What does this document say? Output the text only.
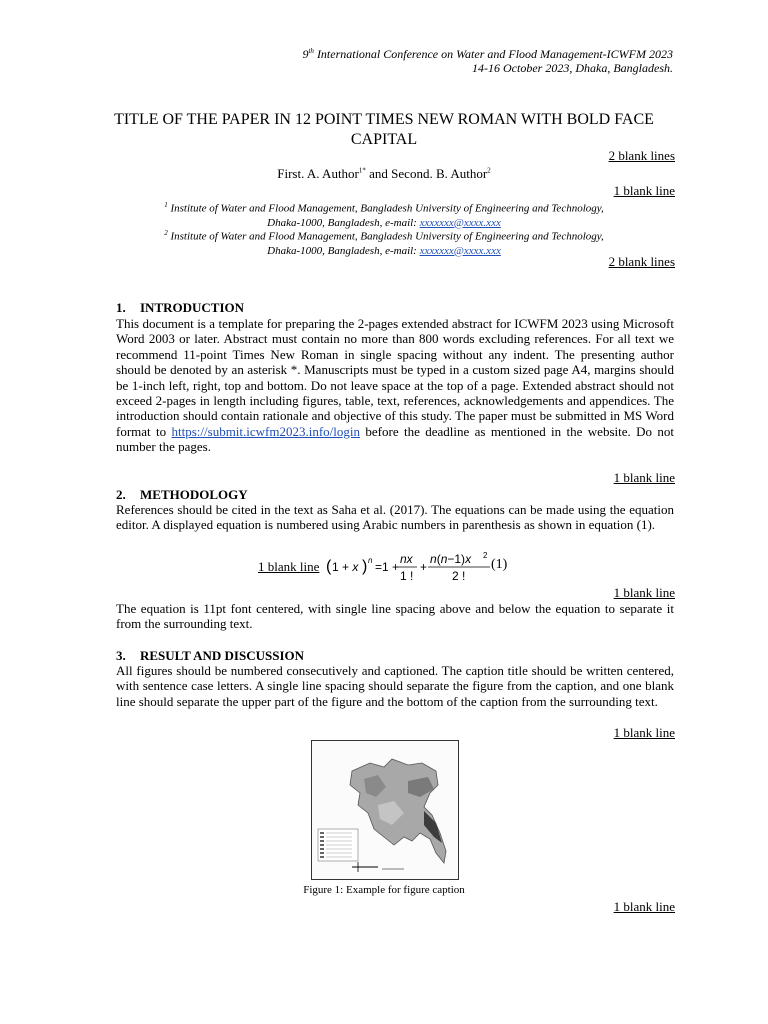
9th International Conference on Water and Flood Management-ICWFM 2023
14-16 October 2023, Dhaka, Bangladesh.
TITLE OF THE PAPER IN 12 POINT TIMES NEW ROMAN WITH BOLD FACE CAPITAL
2 blank lines
First. A. Author$^{1*}$ and Second. B. Author$^2$
1 blank line
$^1$ Institute of Water and Flood Management, Bangladesh University of Engineering and Technology,
Dhaka-1000, Bangladesh, e-mail: xxxxxxx@xxxx.xxx
$^2$ Institute of Water and Flood Management, Bangladesh University of Engineering and Technology,
Dhaka-1000, Bangladesh, e-mail: xxxxxxx@xxxx.xxx
2 blank lines
1. INTRODUCTION
This document is a template for preparing the 2-pages extended abstract for ICWFM 2023 using Microsoft Word 2003 or later. Abstract must contain no more than 800 words excluding references. For all text we recommend 11-point Times New Roman in single spacing without any indent. The presenting author should be denoted by an asterisk *. Manuscripts must be typed in a custom sized page A4, margins should be 1-inch left, right, top and bottom. Do not leave space at the top of a page. Extended abstract should not exceed 2-pages in length including figures, table, text, references, acknowledgements and appendices. The introduction should contain rationale and objective of this study. The paper must be submitted in MS Word format to https://submit.icwfm2023.info/login before the deadline as mentioned in the website. Do not number the pages.
1 blank line
2. METHODOLOGY
References should be cited in the text as Saha et al. (2017). The equations can be made using the equation editor. A displayed equation is numbered using Arabic numbers in parenthesis as shown in equation (1).
1 blank line ( 1 + x ) n =1 +
nx
1 !
+
n(n−1)x 2
2 !
(1)
1 blank line
The equation is 11pt font centered, with single line spacing above and below the equation to separate it from the surrounding text.
3. RESULT AND DISCUSSION
All figures should be numbered consecutively and captioned. The caption title should be written centered, with sentence case letters. A single line spacing should separate the figure from the caption, and one blank line should separate the upper part of the figure and the bottom of the caption from the surrounding text.
1 blank line
Figure 1: Example for figure caption
1 blank line
